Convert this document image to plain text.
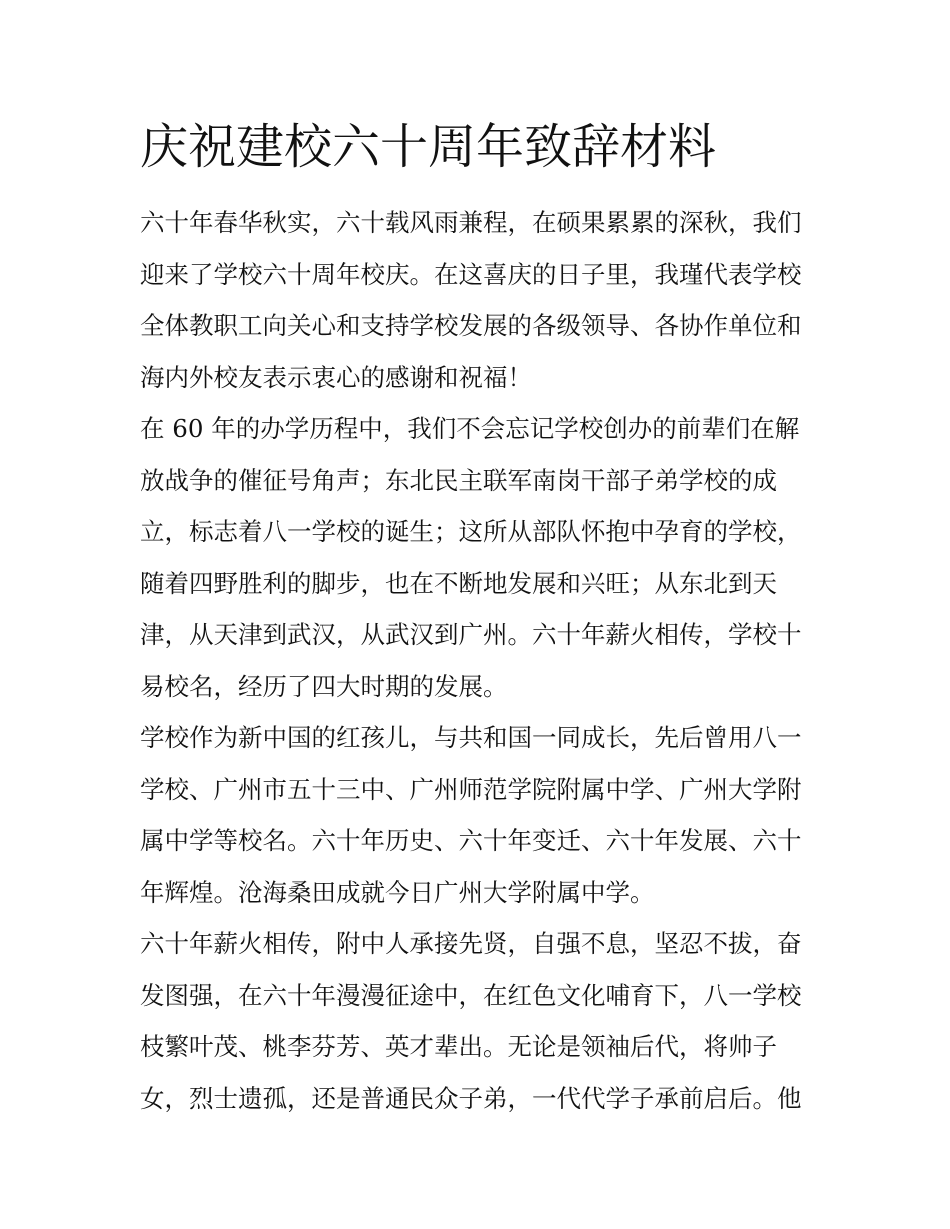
庆祝建校六十周年致辞材料
六十年春华秋实，六十载风雨兼程，在硕果累累的深秋，我们
迎来了学校六十周年校庆。在这喜庆的日子里，我瑾代表学校
全体教职工向关心和支持学校发展的各级领导、各协作单位和
海内外校友表示衷心的感谢和祝福！
在 60 年的办学历程中，我们不会忘记学校创办的前辈们在解
放战争的催征号角声；东北民主联军南岗干部子弟学校的成
立，标志着八一学校的诞生；这所从部队怀抱中孕育的学校，
随着四野胜利的脚步，也在不断地发展和兴旺；从东北到天
津，从天津到武汉，从武汉到广州。六十年薪火相传，学校十
易校名，经历了四大时期的发展。
学校作为新中国的红孩儿，与共和国一同成长，先后曾用八一
学校、广州市五十三中、广州师范学院附属中学、广州大学附
属中学等校名。六十年历史、六十年变迁、六十年发展、六十
年辉煌。沧海桑田成就今日广州大学附属中学。
六十年薪火相传，附中人承接先贤，自强不息，坚忍不拔，奋
发图强，在六十年漫漫征途中，在红色文化哺育下，八一学校
枝繁叶茂、桃李芬芳、英才辈出。无论是领袖后代，将帅子
女，烈士遗孤，还是普通民众子弟，一代代学子承前启后。他
